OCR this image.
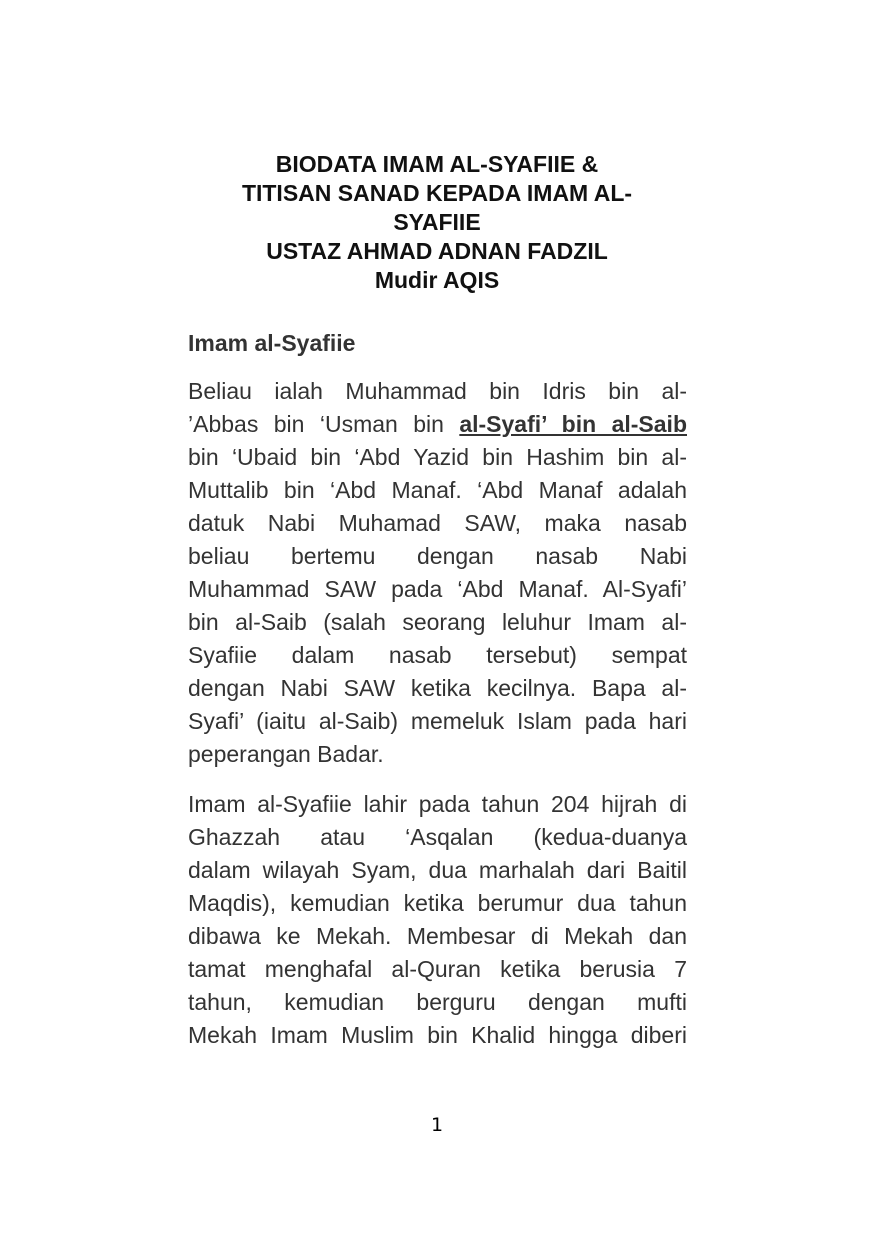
BIODATA IMAM AL-SYAFIIE &
TITISAN SANAD KEPADA IMAM AL-
SYAFIIE
USTAZ AHMAD ADNAN FADZIL
Mudir AQIS
Imam al-Syafiie
Beliau ialah Muhammad bin Idris bin al-
’Abbas bin ‘Usman bin al-Syafi’ bin al-Saib
bin ‘Ubaid bin ‘Abd Yazid bin Hashim bin al-
Muttalib bin ‘Abd Manaf. ‘Abd Manaf adalah
datuk Nabi Muhamad SAW, maka nasab
beliau bertemu dengan nasab Nabi
Muhammad SAW pada ‘Abd Manaf. Al-Syafi’
bin al-Saib (salah seorang leluhur Imam al-
Syafiie dalam nasab tersebut) sempat
dengan Nabi SAW ketika kecilnya. Bapa al-
Syafi’ (iaitu al-Saib) memeluk Islam pada hari
peperangan Badar.
Imam al-Syafiie lahir pada tahun 204 hijrah di
Ghazzah atau ‘Asqalan (kedua-duanya
dalam wilayah Syam, dua marhalah dari Baitil
Maqdis), kemudian ketika berumur dua tahun
dibawa ke Mekah. Membesar di Mekah dan
tamat menghafal al-Quran ketika berusia 7
tahun, kemudian berguru dengan mufti
Mekah Imam Muslim bin Khalid hingga diberi
1
